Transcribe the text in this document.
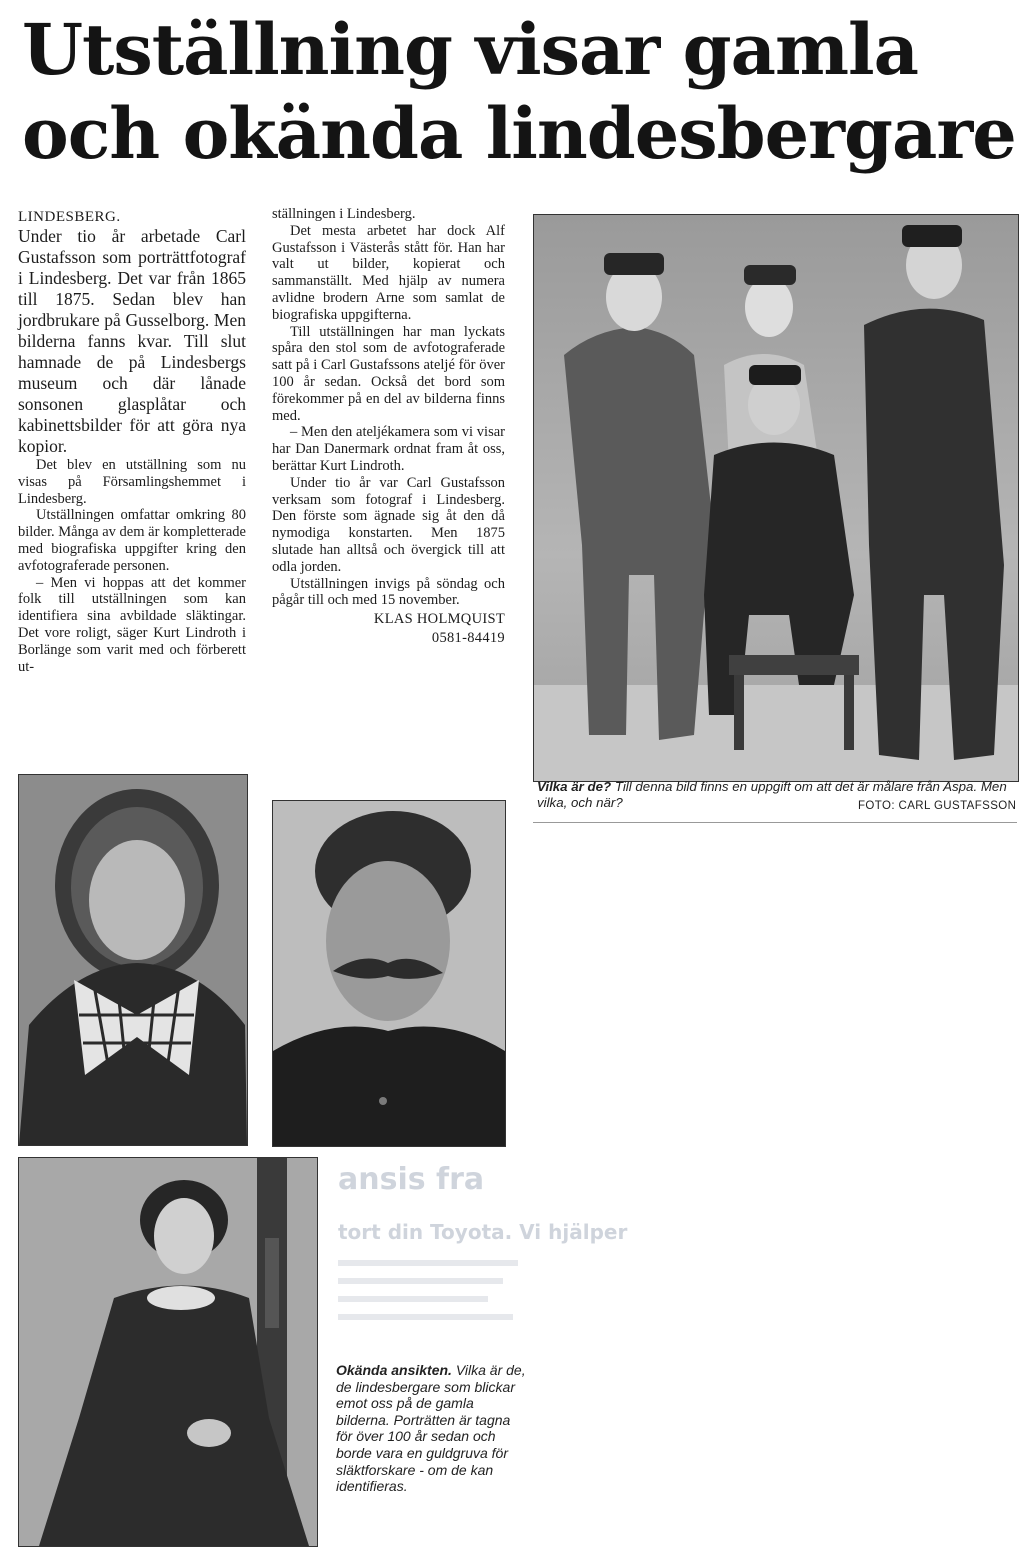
Utställning visar gamla
och okända lindesbergare

LINDESBERG.

Under tio år arbetade Carl Gustafsson som porträttfotograf i Lindesberg. Det var från 1865 till 1875. Sedan blev han jordbrukare på Gusselborg. Men bilderna fanns kvar. Till slut hamnade de på Lindesbergs museum och där lånade sonsonen glasplåtar och kabinettsbilder för att göra nya kopior.

Det blev en utställning som nu visas på Församlingshemmet i Lindesberg.

Utställningen omfattar omkring 80 bilder. Många av dem är kompletterade med biografiska uppgifter kring den avfotograferade personen.

– Men vi hoppas att det kommer folk till utställningen som kan identifiera sina avbildade släktingar. Det vore roligt, säger Kurt Lindroth i Borlänge som varit med och förberett ut-

ställningen i Lindesberg.

Det mesta arbetet har dock Alf Gustafsson i Västerås stått för. Han har valt ut bilder, kopierat och sammanställt. Med hjälp av numera avlidne brodern Arne som samlat de biografiska uppgifterna.

Till utställningen har man lyckats spåra den stol som de avfotograferade satt på i Carl Gustafssons ateljé för över 100 år sedan. Också det bord som förekommer på en del av bilderna finns med.

– Men den ateljékamera som vi visar har Dan Danermark ordnat fram åt oss, berättar Kurt Lindroth.

Under tio år var Carl Gustafsson verksam som fotograf i Lindesberg. Den förste som ägnade sig åt den då nymodiga konstarten. Men 1875 slutade han alltså och övergick till att odla jorden.

Utställningen invigs på söndag och pågår till och med 15 november.

KLAS HOLMQUIST

0581-84419

Vilka är de? Till denna bild finns en uppgift om att det är målare från Aspa. Men vilka, och när?	FOTO: CARL GUSTAFSSON
ansis fra
tort din Toyota. Vi hjälper
Okända ansikten. Vilka är de, de lindesbergare som blickar emot oss på de gamla bilderna. Porträtten är tagna för över 100 år sedan och borde vara en guldgruva för släktforskare - om de kan identifieras.
